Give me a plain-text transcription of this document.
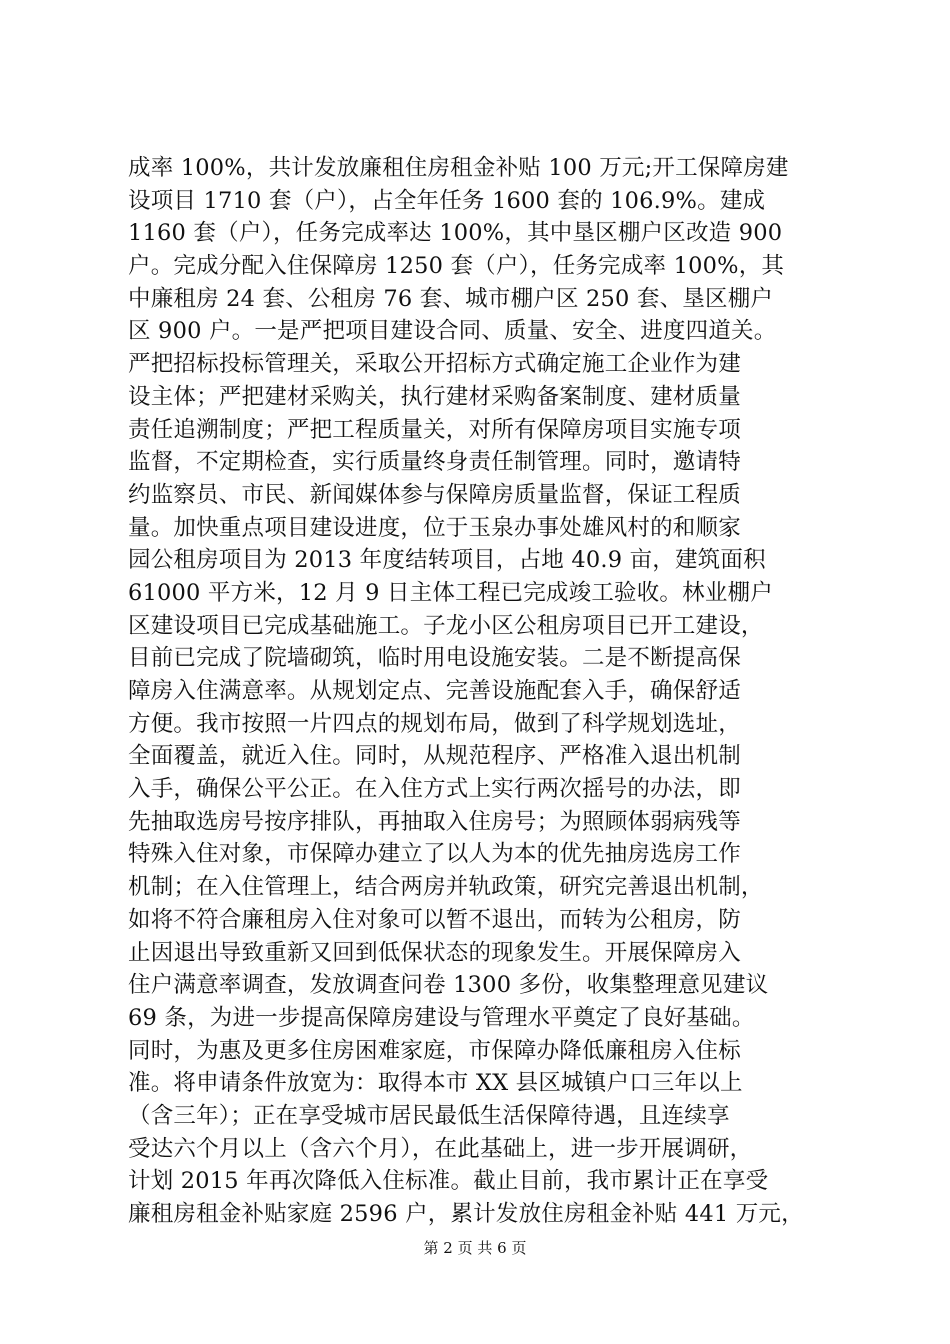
成率 100%，共计发放廉租住房租金补贴 100 万元;开工保障房建
设项目 1710 套（户），占全年任务 1600 套的 106.9%。建成
1160 套（户），任务完成率达 100%，其中垦区棚户区改造 900
户。完成分配入住保障房 1250 套（户），任务完成率 100%，其
中廉租房 24 套、公租房 76 套、城市棚户区 250 套、垦区棚户
区 900 户。一是严把项目建设合同、质量、安全、进度四道关。
严把招标投标管理关，采取公开招标方式确定施工企业作为建
设主体；严把建材采购关，执行建材采购备案制度、建材质量
责任追溯制度；严把工程质量关，对所有保障房项目实施专项
监督，不定期检查，实行质量终身责任制管理。同时，邀请特
约监察员、市民、新闻媒体参与保障房质量监督，保证工程质
量。加快重点项目建设进度，位于玉泉办事处雄风村的和顺家
园公租房项目为 2013 年度结转项目，占地 40.9 亩，建筑面积
61000 平方米，12 月 9 日主体工程已完成竣工验收。林业棚户
区建设项目已完成基础施工。子龙小区公租房项目已开工建设，
目前已完成了院墙砌筑，临时用电设施安装。二是不断提高保
障房入住满意率。从规划定点、完善设施配套入手，确保舒适
方便。我市按照一片四点的规划布局，做到了科学规划选址，
全面覆盖，就近入住。同时，从规范程序、严格准入退出机制
入手，确保公平公正。在入住方式上实行两次摇号的办法，即
先抽取选房号按序排队，再抽取入住房号；为照顾体弱病残等
特殊入住对象，市保障办建立了以人为本的优先抽房选房工作
机制；在入住管理上，结合两房并轨政策，研究完善退出机制，
如将不符合廉租房入住对象可以暂不退出，而转为公租房，防
止因退出导致重新又回到低保状态的现象发生。开展保障房入
住户满意率调查，发放调查问卷 1300 多份，收集整理意见建议
69 条，为进一步提高保障房建设与管理水平奠定了良好基础。
同时，为惠及更多住房困难家庭，市保障办降低廉租房入住标
准。将申请条件放宽为：取得本市 XX 县区城镇户口三年以上
（含三年）；正在享受城市居民最低生活保障待遇，且连续享
受达六个月以上（含六个月），在此基础上，进一步开展调研，
计划 2015 年再次降低入住标准。截止目前，我市累计正在享受
廉租房租金补贴家庭 2596 户，累计发放住房租金补贴 441 万元，
第 2 页 共 6 页
